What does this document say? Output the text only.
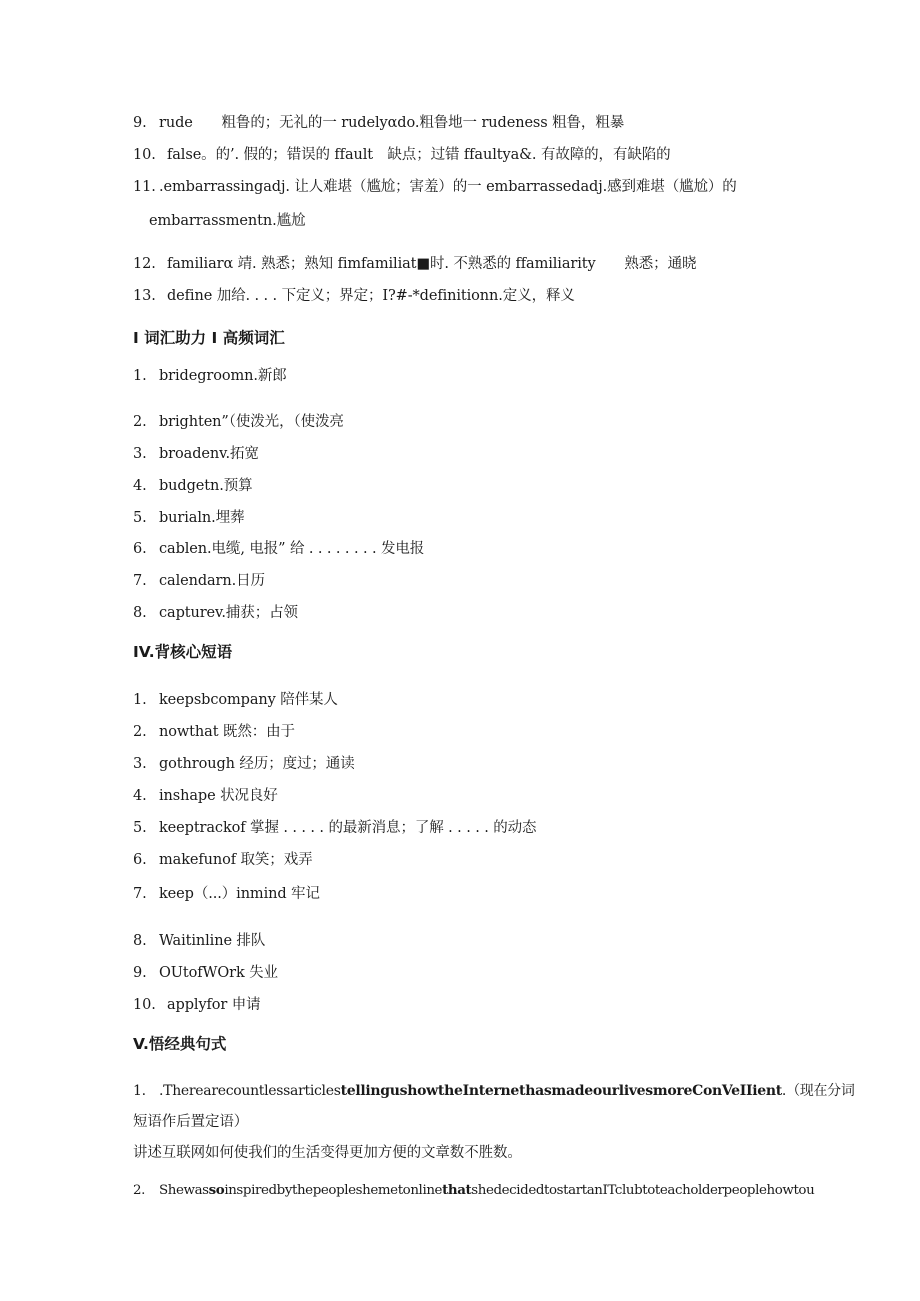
9. rude  粗鲁的；无礼的一 rudelyαdo.粗鲁地一 rudeness 粗鲁，粗暴
10. false。的’. 假的；错误的 ffault 缺点；过错 ffaultya&. 有故障的，有缺陷的
11. .embarrassingadj. 让人难堪（尴尬；害羞）的一 embarrassedadj.感到难堪（尴尬）的
embarrassmentn.尴尬
12. familiarα 靖. 熟悉；熟知 fimfamiliat■时. 不熟悉的 ffamiliarity  熟悉；通晓
13. define 加给. . . . 下定义；界定；I?#-*definitionn.定义，释义
I 词汇助力 I 高频词汇
1. bridegroomn.新郎
2. brighten”（使泼光，（使泼亮
3. broadenv.拓宽
4. budgetn.预算
5. burialn.埋葬
6. cablen.电缆, 电报” 给 . . . . . . . . 发电报
7. calendarn.日历
8. capturev.捕获；占领
IV.背核心短语
1. keepsbcompany 陪伴某人
2. nowthat 既然：由于
3. gothrough 经历；度过；通读
4. inshape 状况良好
5. keeptrackof 掌握 . . . . . 的最新消息；了解 . . . . . 的动态
6. makefunof 取笑；戏弄
7. keep（...）inmind 牢记
8. Waitinline 排队
9. OUtofWOrk 失业
10. applyfor 申请
V.悟经典句式
1. .TherearecountlessarticlestellingushowtheInternethasmadeourlivesmoreConVeIIient.（现在分词
短语作后置定语）
讲述互联网如何使我们的生活变得更加方便的文章数不胜数。
2. ShewassoinspiredbythepeopleshemetonlinethatshedecidedtostartanITclubtoteacholderpeoplehowtou
